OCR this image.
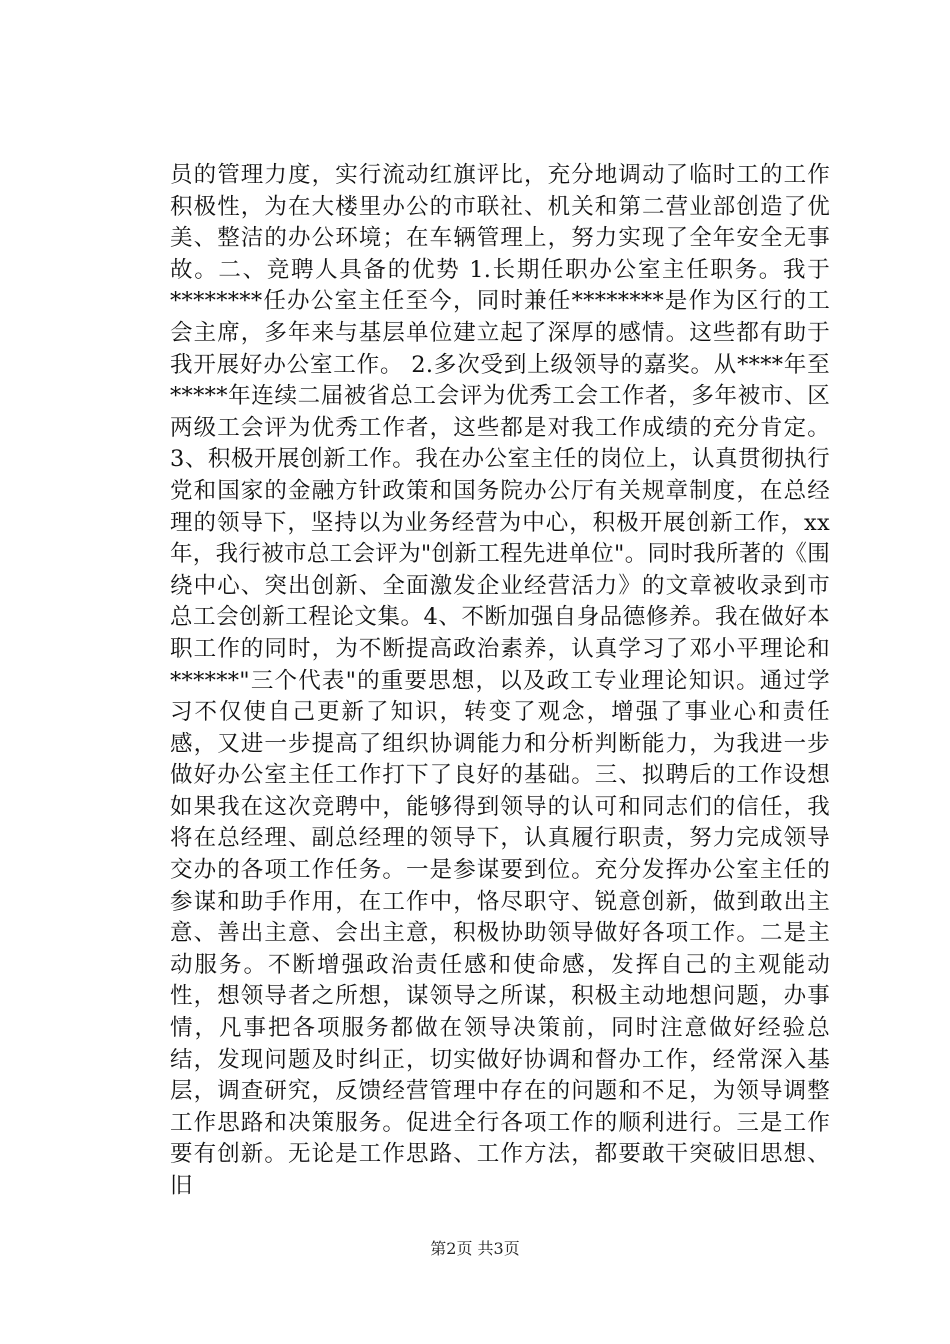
员的管理力度，实行流动红旗评比，充分地调动了临时工的工作积极性，为在大楼里办公的市联社、机关和第二营业部创造了优美、整洁的办公环境；在车辆管理上，努力实现了全年安全无事故。二、竞聘人具备的优势 1.长期任职办公室主任职务。我于********任办公室主任至今，同时兼任********是作为区行的工会主席，多年来与基层单位建立起了深厚的感情。这些都有助于我开展好办公室工作。 2.多次受到上级领导的嘉奖。从****年至*****年连续二届被省总工会评为优秀工会工作者，多年被市、区两级工会评为优秀工作者，这些都是对我工作成绩的充分肯定。3、积极开展创新工作。我在办公室主任的岗位上，认真贯彻执行党和国家的金融方针政策和国务院办公厅有关规章制度，在总经理的领导下，坚持以为业务经营为中心，积极开展创新工作，xx 年，我行被市总工会评为"创新工程先进单位"。同时我所著的《围绕中心、突出创新、全面激发企业经营活力》的文章被收录到市总工会创新工程论文集。4、不断加强自身品德修养。我在做好本职工作的同时，为不断提高政治素养，认真学习了邓小平理论和******"三个代表"的重要思想，以及政工专业理论知识。通过学习不仅使自己更新了知识，转变了观念，增强了事业心和责任感，又进一步提高了组织协调能力和分析判断能力，为我进一步做好办公室主任工作打下了良好的基础。三、拟聘后的工作设想如果我在这次竞聘中，能够得到领导的认可和同志们的信任，我将在总经理、副总经理的领导下，认真履行职责，努力完成领导交办的各项工作任务。一是参谋要到位。充分发挥办公室主任的参谋和助手作用，在工作中，恪尽职守、锐意创新，做到敢出主意、善出主意、会出主意，积极协助领导做好各项工作。二是主动服务。不断增强政治责任感和使命感，发挥自己的主观能动性，想领导者之所想，谋领导之所谋，积极主动地想问题，办事情，凡事把各项服务都做在领导决策前，同时注意做好经验总结，发现问题及时纠正，切实做好协调和督办工作，经常深入基层，调查研究，反馈经营管理中存在的问题和不足，为领导调整工作思路和决策服务。促进全行各项工作的顺利进行。三是工作要有创新。无论是工作思路、工作方法，都要敢干突破旧思想、旧

第2页 共3页
